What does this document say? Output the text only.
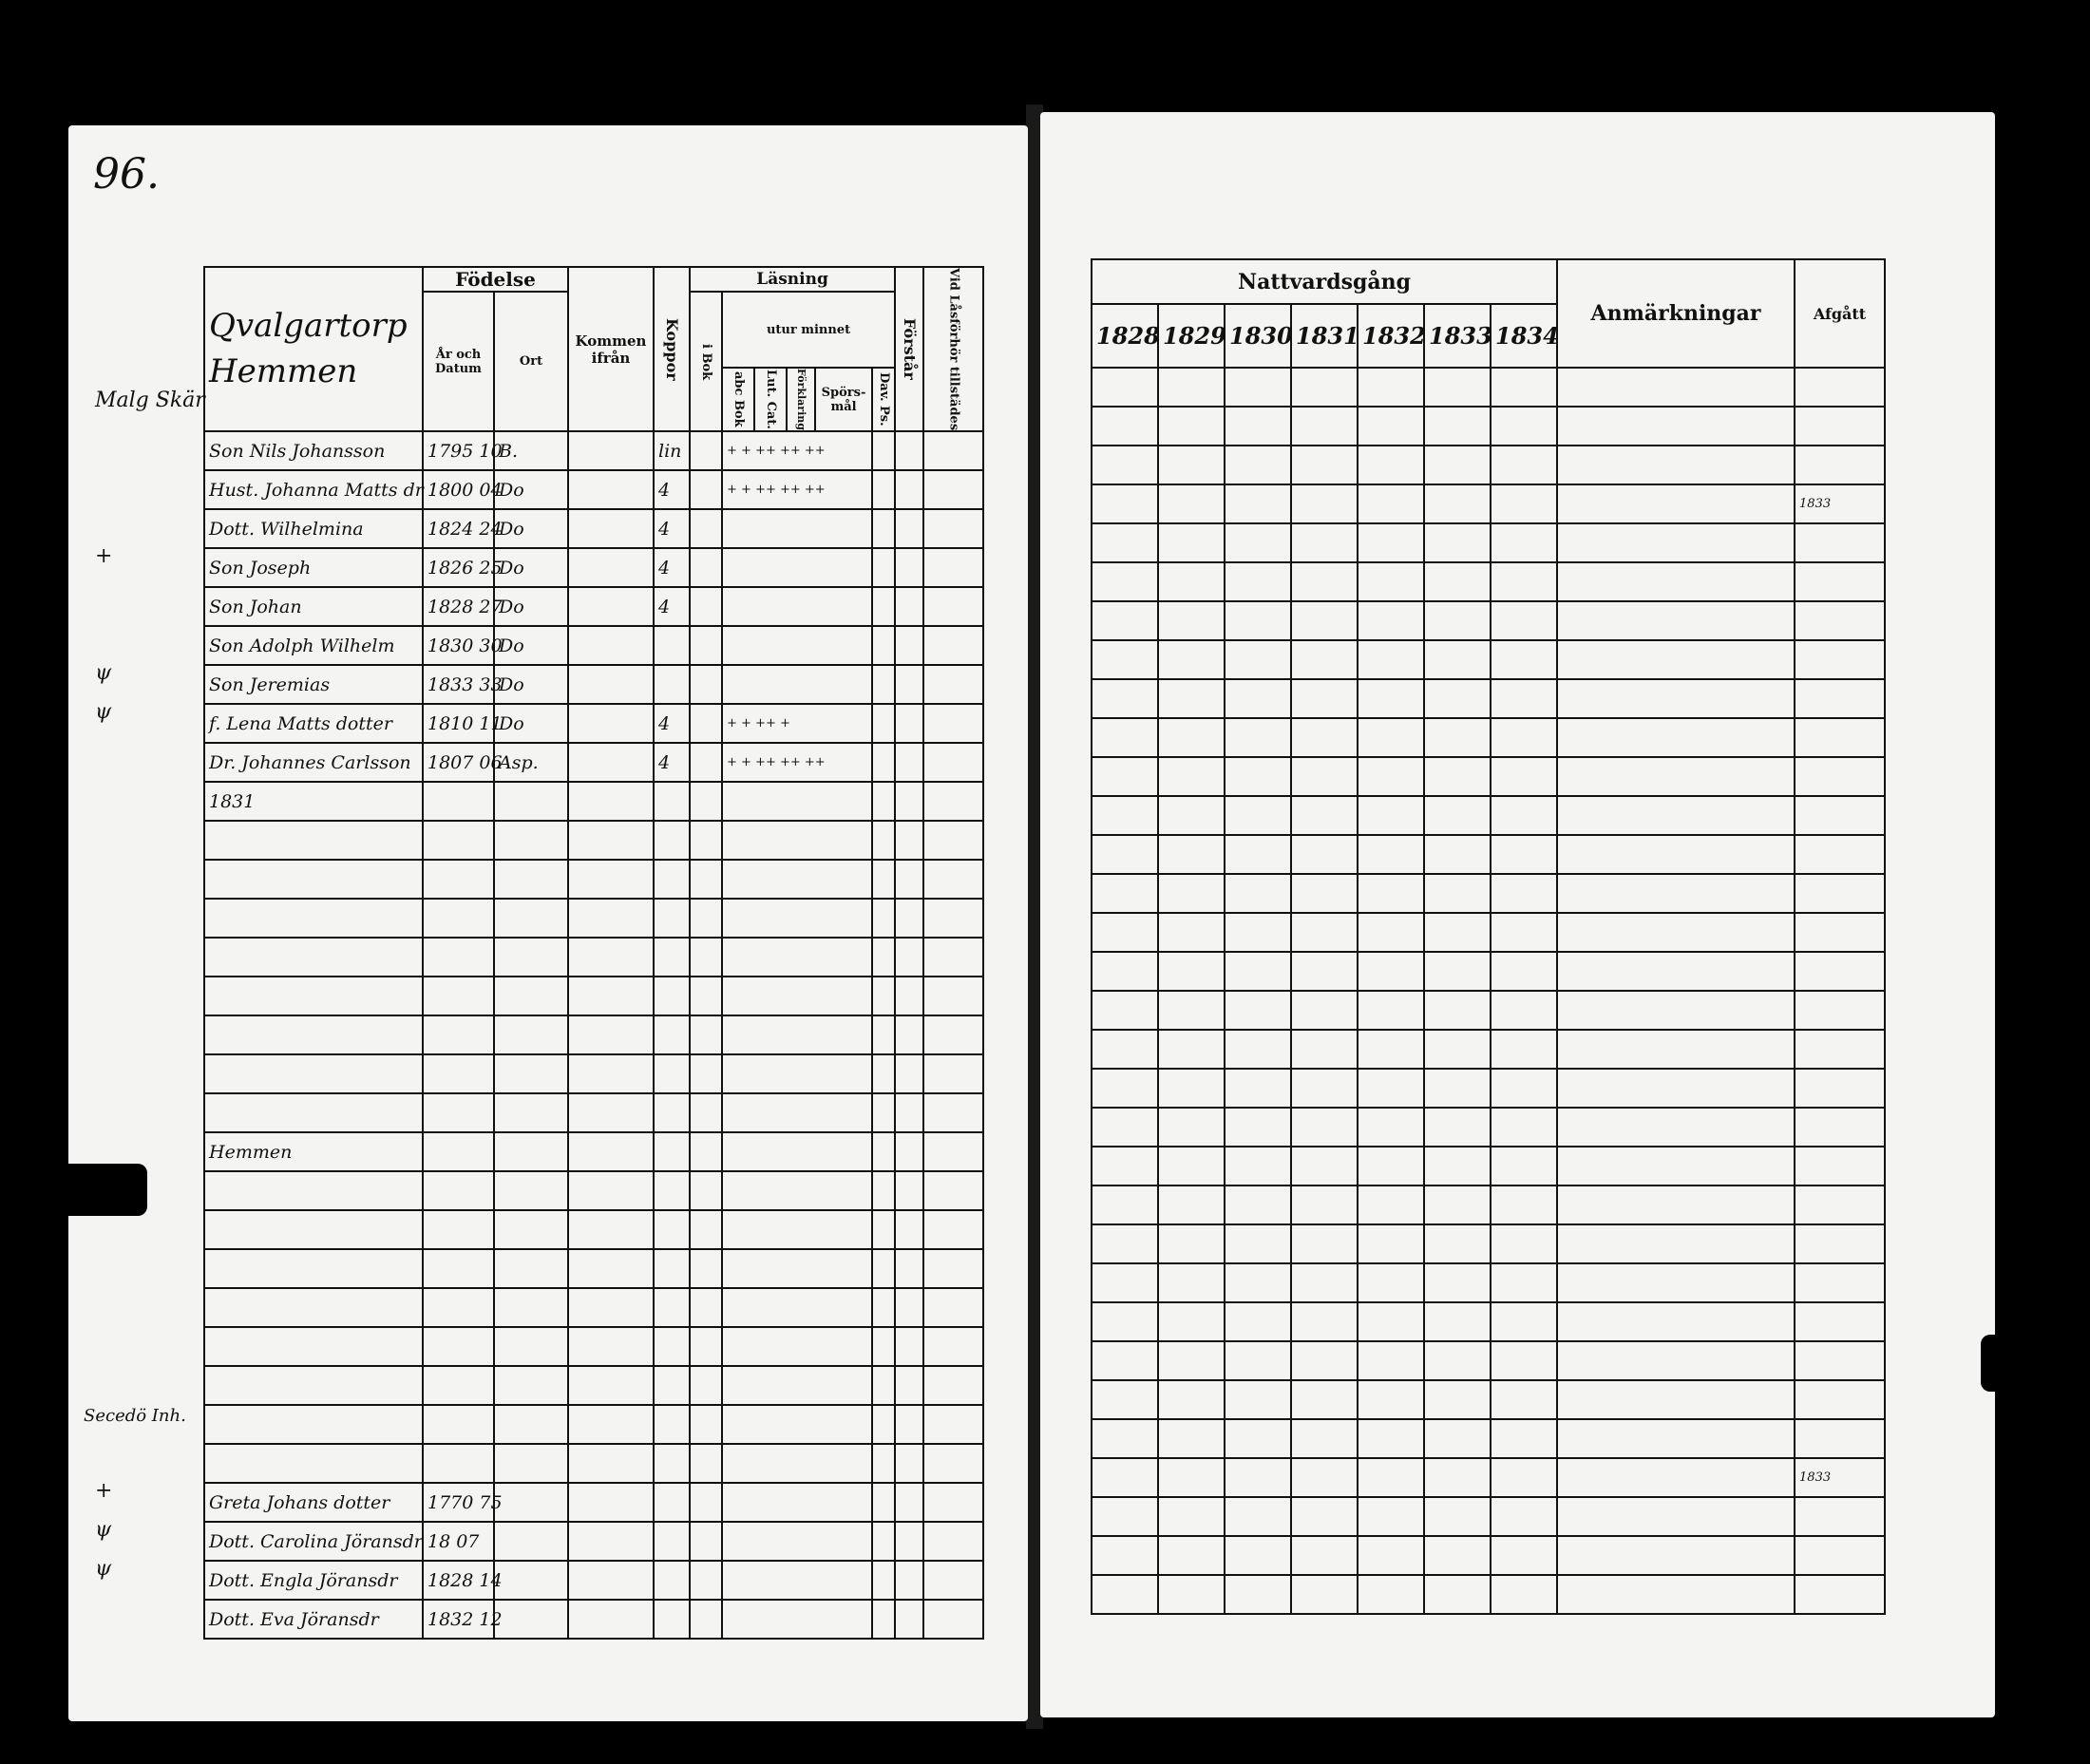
96.
Qvalgartorp
Hemmen	Födelse		Kommen ifrån	Koppor	Läsning						Förstår	Vid Låsförhör tillstädes	
	År och Datum	Ort			i Bok	utur minnet							
						abc Bok	Lut. Cat.	Förklaring	Spörs-mål	Dav. Ps.			
Son Nils Johansson	1795 10	B.		lin		+ + ++ ++ ++							
Hust. Johanna Matts dr	1800 04	Do		4		+ + ++ ++ ++							
Dott. Wilhelmina	1824 24	Do		4									
Son Joseph	1826 25	Do		4									
Son Johan	1828 27	Do		4									
Son Adolph Wilhelm	1830 30	Do											
Son Jeremias	1833 33	Do											
f. Lena Matts dotter	1810 11	Do		4		+ + ++ +							
Dr. Johannes Carlsson	1807 06	Asp.		4		+ + ++ ++ ++							
1831													

Hemmen													

Greta Johans dotter	1770 75												
Dott. Carolina Jöransdr	18 07												
Dott. Engla Jöransdr	1828 14												
Dott. Eva Jöransdr	1832 12												
Malg Skär
+
ψ
ψ
+
ψ
ψ
Secedö Inh.
Nattvardsgång							Anmärkningar	Afgått
1828	1829	1830	1831	1832	1833	1834		

								1833

								1833
